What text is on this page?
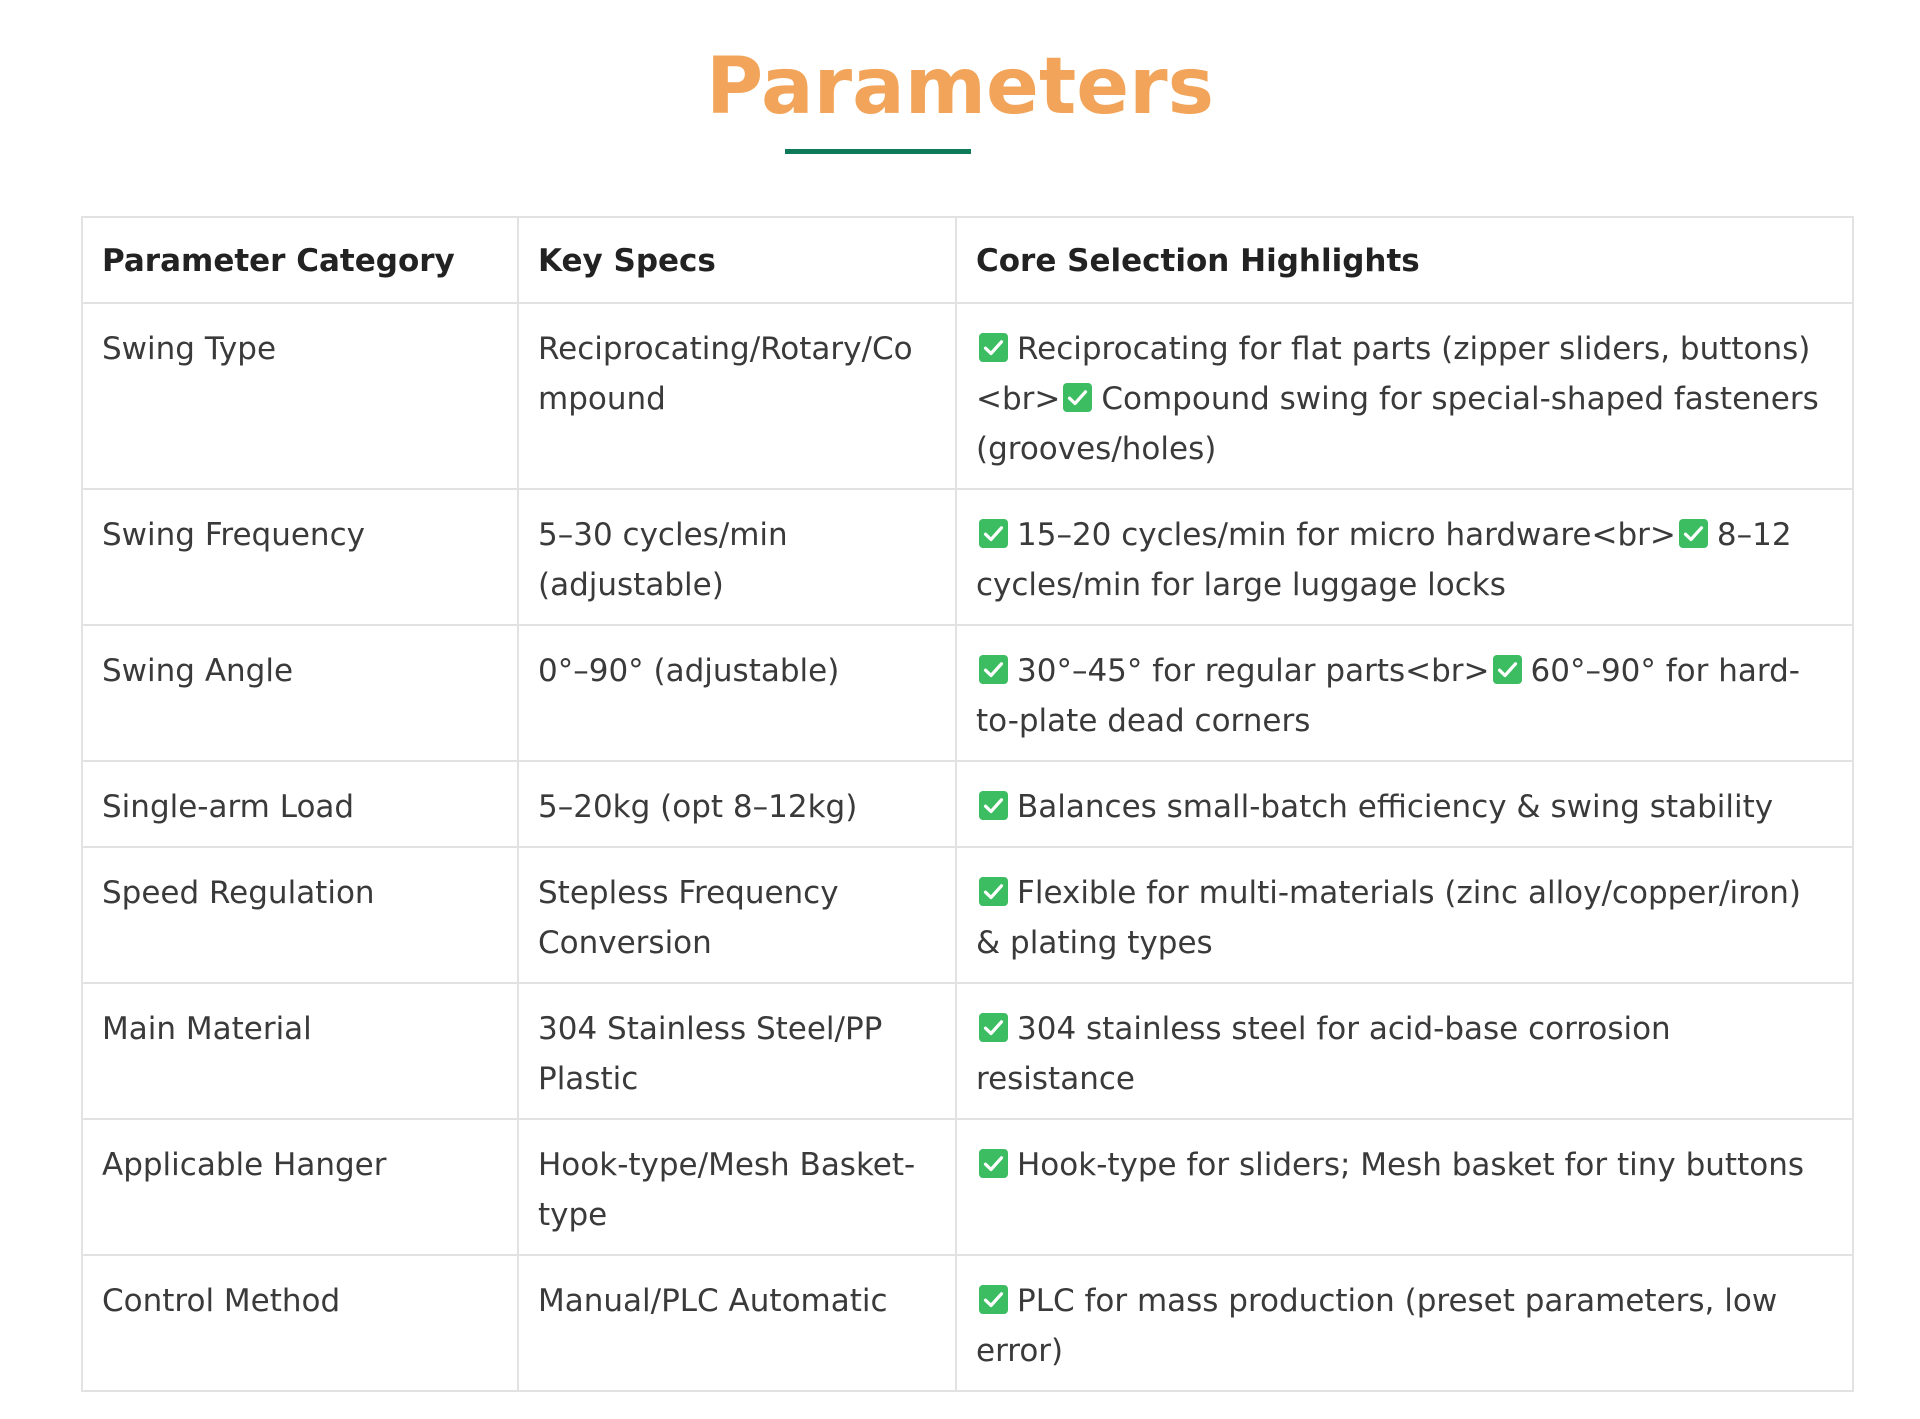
Parameters
Parameter Category	Key Specs	Core Selection Highlights
Swing Type	Reciprocating/Rotary/Compound	Reciprocating for flat parts (zipper sliders, buttons)<br> Compound swing for special-shaped fasteners (grooves/holes)
Swing Frequency	5–30 cycles/min (adjustable)	15–20 cycles/min for micro hardware<br> 8–12 cycles/min for large luggage locks
Swing Angle	0°–90° (adjustable)	30°–45° for regular parts<br> 60°–90° for hard-to-plate dead corners
Single-arm Load	5–20kg (opt 8–12kg)	Balances small-batch efficiency & swing stability
Speed Regulation	Stepless Frequency Conversion	Flexible for multi-materials (zinc alloy/copper/iron) & plating types
Main Material	304 Stainless Steel/PP Plastic	304 stainless steel for acid-base corrosion resistance
Applicable Hanger	Hook-type/Mesh Basket-type	Hook-type for sliders; Mesh basket for tiny buttons
Control Method	Manual/PLC Automatic	PLC for mass production (preset parameters, low error)
